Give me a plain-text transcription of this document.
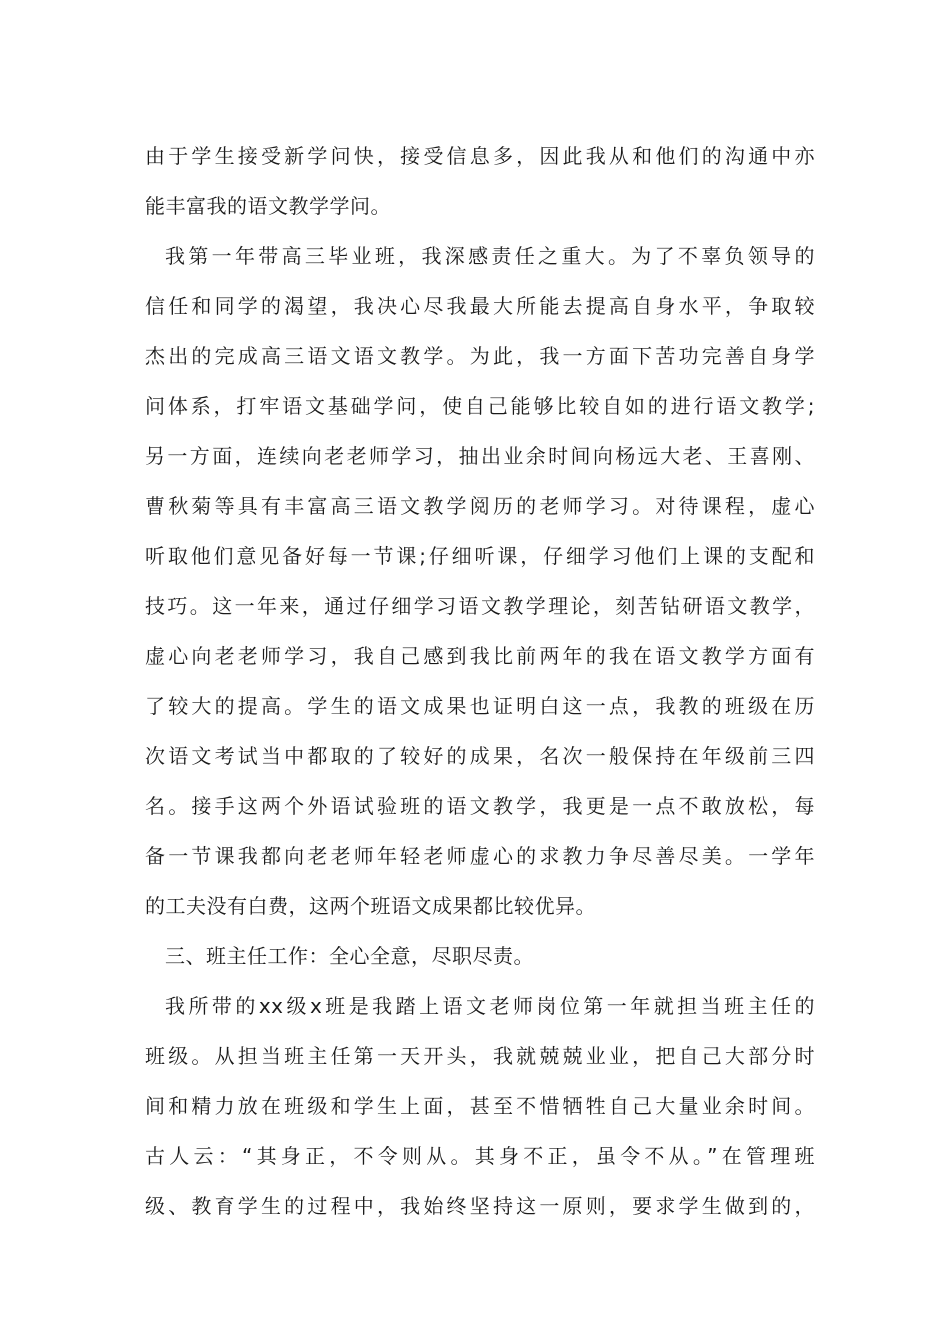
由于学生接受新学问快，接受信息多，因此我从和他们的沟通中亦
能丰富我的语文教学学问。
我第一年带高三毕业班，我深感责任之重大。为了不辜负领导的
信任和同学的渴望，我决心尽我最大所能去提高自身水平，争取较
杰出的完成高三语文语文教学。为此，我一方面下苦功完善自身学
问体系，打牢语文基础学问，使自己能够比较自如的进行语文教学;
另一方面，连续向老老师学习，抽出业余时间向杨远大老、王喜刚、
曹秋菊等具有丰富高三语文教学阅历的老师学习。对待课程，虚心
听取他们意见备好每一节课;仔细听课，仔细学习他们上课的支配和
技巧。这一年来，通过仔细学习语文教学理论，刻苦钻研语文教学，
虚心向老老师学习，我自己感到我比前两年的我在语文教学方面有
了较大的提高。学生的语文成果也证明白这一点，我教的班级在历
次语文考试当中都取的了较好的成果，名次一般保持在年级前三四
名。接手这两个外语试验班的语文教学，我更是一点不敢放松，每
备一节课我都向老老师年轻老师虚心的求教力争尽善尽美。一学年
的工夫没有白费，这两个班语文成果都比较优异。
三、班主任工作：全心全意，尽职尽责。
我所带的xx级x班是我踏上语文老师岗位第一年就担当班主任的
班级。从担当班主任第一天开头，我就兢兢业业，把自己大部分时
间和精力放在班级和学生上面，甚至不惜牺牲自己大量业余时间。
古人云：“其身正，不令则从。其身不正，虽令不从。”在管理班
级、教育学生的过程中，我始终坚持这一原则，要求学生做到的，
